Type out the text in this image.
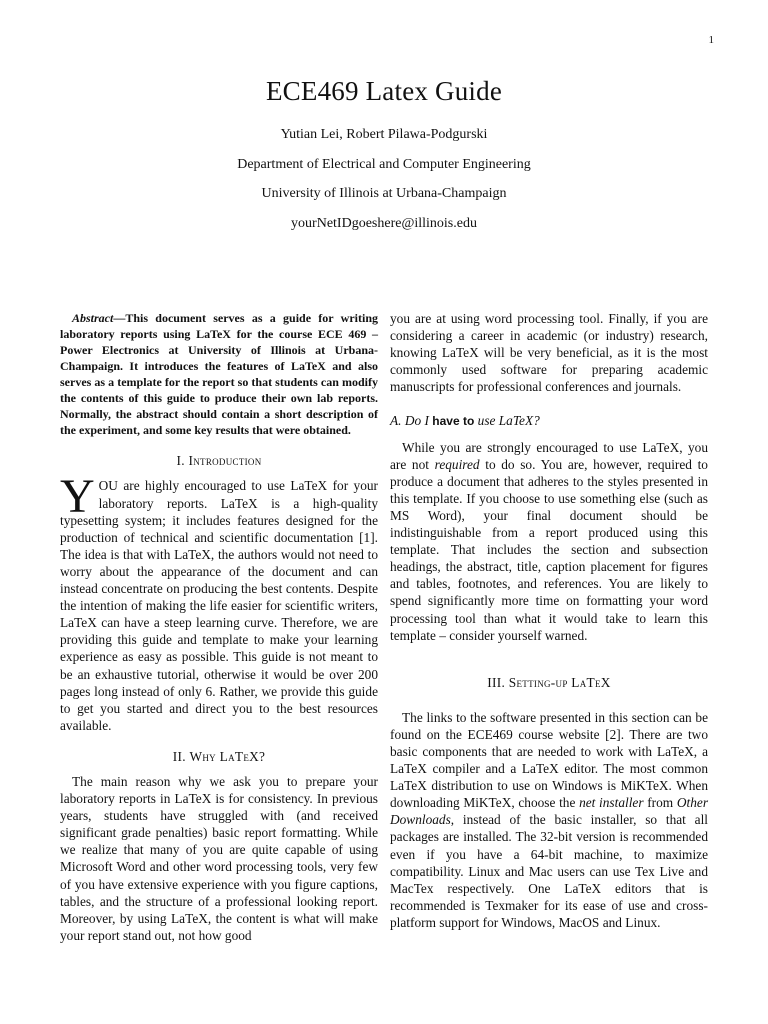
1
ECE469 Latex Guide
Yutian Lei, Robert Pilawa-Podgurski
Department of Electrical and Computer Engineering
University of Illinois at Urbana-Champaign
yourNetIDgoeshere@illinois.edu

Abstract—This document serves as a guide for writing laboratory reports using LaTeX for the course ECE 469 – Power Electronics at University of Illinois at Urbana-Champaign. It introduces the features of LaTeX and also serves as a template for the report so that students can modify the contents of this guide to produce their own lab reports. Normally, the abstract should contain a short description of the experiment, and some key results that were obtained.

I. Introduction

YOU are highly encouraged to use LaTeX for your laboratory reports. LaTeX is a high-quality typesetting system; it includes features designed for the production of technical and scientific documentation [1]. The idea is that with LaTeX, the authors would not need to worry about the appearance of the document and can instead concentrate on producing the best contents. Despite the intention of making the life easier for scientific writers, LaTeX can have a steep learning curve. Therefore, we are providing this guide and template to make your learning experience as easy as possible. This guide is not meant to be an exhaustive tutorial, otherwise it would be over 200 pages long instead of only 6. Rather, we provide this guide to get you started and direct you to the best resources available.

II. Why LaTeX?

The main reason why we ask you to prepare your laboratory reports in LaTeX is for consistency. In previous years, students have struggled with (and received significant grade penalties) basic report formatting. While we realize that many of you are quite capable of using Microsoft Word and other word processing tools, very few of you have extensive experience with you figure captions, tables, and the structure of a professional looking report. Moreover, by using LaTeX, the content is what will make your report stand out, not how good

you are at using word processing tool. Finally, if you are considering a career in academic (or industry) research, knowing LaTeX will be very beneficial, as it is the most commonly used software for preparing academic manuscripts for professional conferences and journals.

A. Do I have to use LaTeX?

While you are strongly encouraged to use LaTeX, you are not required to do so. You are, however, required to produce a document that adheres to the styles presented in this template. If you choose to use something else (such as MS Word), your final document should be indistinguishable from a report produced using this template. That includes the section and subsection headings, the abstract, title, caption placement for figures and tables, footnotes, and references. You are likely to spend significantly more time on formatting your word processing tool than what it would take to learn this template – consider yourself warned.

III. Setting-up LaTeX

The links to the software presented in this section can be found on the ECE469 course website [2]. There are two basic components that are needed to work with LaTeX, a LaTeX compiler and a LaTeX editor. The most common LaTeX distribution to use on Windows is MiKTeX. When downloading MiKTeX, choose the net installer from Other Downloads, instead of the basic installer, so that all packages are installed. The 32-bit version is recommended even if you have a 64-bit machine, to maximize compatibility. Linux and Mac users can use Tex Live and MacTex respectively. One LaTeX editors that is recommended is Texmaker for its ease of use and cross-platform support for Windows, MacOS and Linux.
